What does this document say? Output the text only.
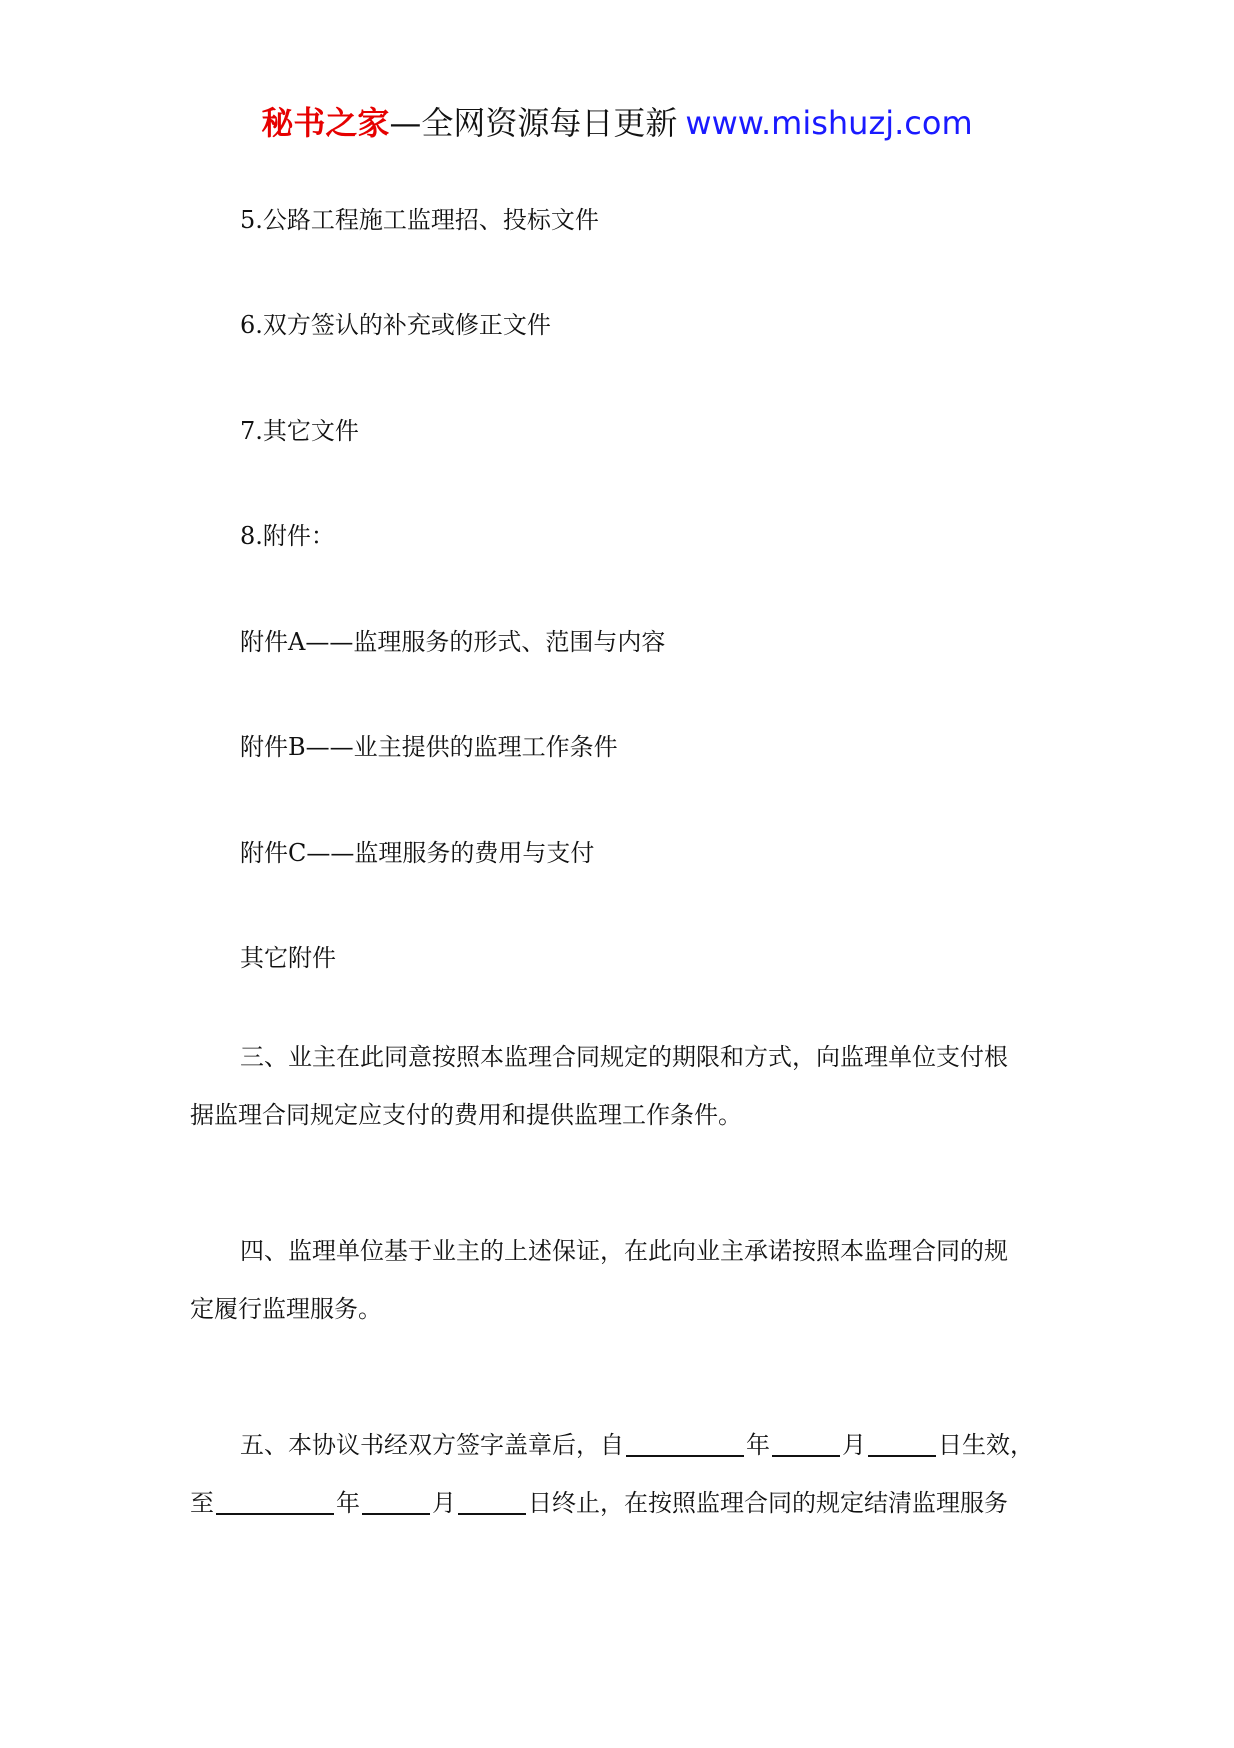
秘书之家—全网资源每日更新 www.mishuzj.com
5.公路工程施工监理招、投标文件
6.双方签认的补充或修正文件
7.其它文件
8.附件：
附件A——监理服务的形式、范围与内容
附件B——业主提供的监理工作条件
附件C——监理服务的费用与支付
其它附件
三、业主在此同意按照本监理合同规定的期限和方式，向监理单位支付根
据监理合同规定应支付的费用和提供监理工作条件。
四、监理单位基于业主的上述保证，在此向业主承诺按照本监理合同的规
定履行监理服务。
五、本协议书经双方签字盖章后，自	年	月	日生效，
至	年	月	日终止，在按照监理合同的规定结清监理服务
